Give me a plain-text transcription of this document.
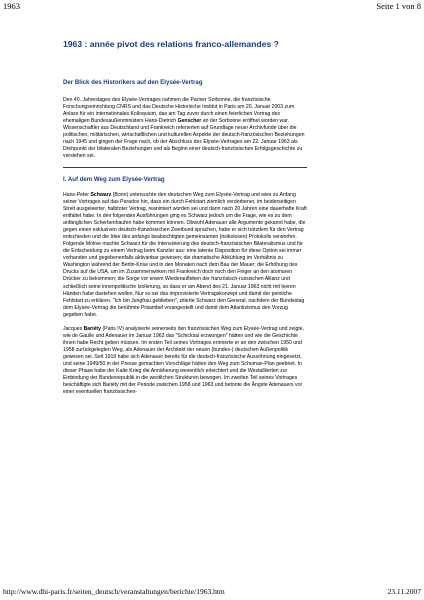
1963	Seite 1 von 8
1963 : année pivot des relations franco-allemandes ?
Der Blick des Historikers auf den Elysée-Vertrag

Den 40. Jahrestages des Elysée-Vertrages nahmen die Pariser Sorbonne, die französische Forschungseinrichtung CNRS und das Deutsche Historische Institut in Paris am 20. Januar 2003 zum Anlass für ein internationales Kolloquium, das am Tag zuvor durch einen feierlichen Vortrag des ehemaligen Bundesaußenministers Hans-Dietrich Genscher an der Sorbonne eröffnet worden war. Wissenschaftler aus Deutschland und Frankreich referierten auf Grundlage neuer Archivfunde über die politischen, militärischen, wirtschaftlichen und kulturellen Aspekte der deutsch-französischen Beziehungen nach 1945 und gingen der Frage nach, ob der Abschluss des Elysée-Vertrages am 22. Januar 1963 als Drehpunkt der bilateralen Beziehungen und als Beginn einer deutsch-französischen Erfolgsgeschichte zu verstehen sei.

I. Auf dem Weg zum Elysée-Vertrag

Hans-Peter Schwarz (Bonn) untersuchte den deutschen Weg zum Elysée-Vertrag und wies zu Anfang seiner Vortrages auf das Paradox hin, dass ein durch Fehlstart ziemlich verdorbener, im beiderseitigen Streit ausgeleerter, halbtoter Vertrag, reanimiert worden sei und dann nach 20 Jahren eine dauerhafte Kraft entfaltet habe. In den folgenden Ausführungen ging es Schwarz jedoch um die Frage, wie es zu dem anfänglichen Scherbenhaufen habe kommen können. Obwohl Adenauer alle Argumente gekannt habe, die gegen einen exklusiven deutsch-französischen Zweibund sprachen, habe er sich trotzdem für den Vertrag entschieden und die Idee des anfangs beabsichtigten gemeinsamen (risikolosen) Protokolls verworfen. Folgende Motive machte Schwarz für die Intensivierung des deutsch-französischen Bilateralismus und für die Entscheidung zu einem Vertrag beim Kanzler aus: eine latente Disposition für diese Option sei immer vorhanden und gegebenenfalls aktivierbar gewesen; die dramatische Abkühlung im Verhältnis zu Washington während der Berlin-Krise und in den Monaten nach dem Bau der Mauer; die Erhöhung des Drucks auf die USA, um im Zusammenwirken mit Frankreich doch noch den Finger an den atomaren Drücker zu bekommen; die Sorge vor einem Wiederaufleben der französisch-russischen Allianz und schließlich seine innenpolitische Isolierung, so dass er am Abend des 21. Januar 1963 nicht mit leeren Händen habe dastehen wollen. Nur so sei das improvisierte Vertragskonzept und damit der peinliche Fehlstart zu erklären. "Ich bin Jungfrau geblieben", zitierte Schwarz den General, nachdem der Bundestag dem Elysée-Vertrag die berühmte Präambel vorangestellt und damit dem Atlantizismus den Vorzug gegeben habe.

Jacques Bariéty (Paris IV) analysierte seinerseits den französischen Weg zum Elysée-Vertrag und zeigte, wie de Gaulle und Adenauer im Januar 1963 das "Schicksal erzwungen" hätten und wie die Geschichte ihnen habe Recht geben müssen. Im ersten Teil seines Vortrages erinnerte er an den zwischen 1950 und 1958 zurückgelegten Weg, als Adenauer der Architekt der neuen (bundes-) deutschen Außenpolitik gewesen sei. Seit 1919 habe sich Adenauer bereits für die deutsch-französische Aussöhnung eingesetzt, und seine 1949/50 in der Presse gemachten Vorschläge hätten den Weg zum Schuman-Plan geebnet. In dieser Phase habe der Kalte Krieg die Annäherung wesentlich erleichtert und die Westalliierten zur Einbindung der Bundesrepublik in die westlichen Strukturen bewogen. Im zweiten Teil seines Vortrages beschäftigte sich Bariéty mit der Periode zwischen 1958 und 1963 und betonte die Ängste Adenauers vor einer eventuellen französischen-

http://www.dhi-paris.fr/seiten_deutsch/veranstaltungen/berichte/1963.htm	23.11.2007
